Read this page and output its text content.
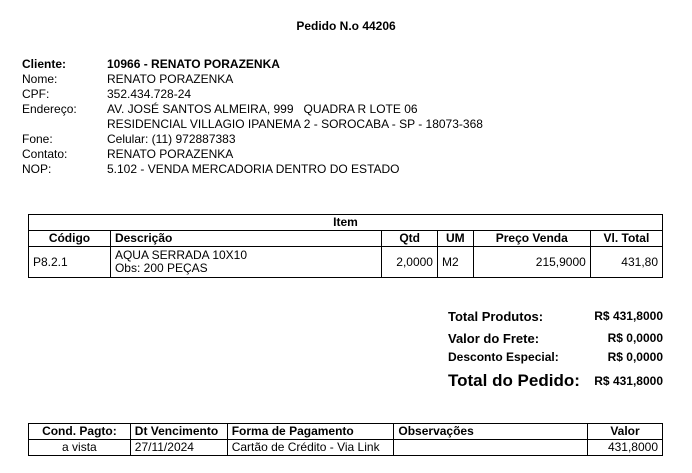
Pedido N.o 44206
Cliente:	10966 - RENATO PORAZENKA
Nome:	RENATO PORAZENKA
CPF:	352.434.728-24
Endereço:	AV. JOSÉ SANTOS ALMEIRA, 999   QUADRA R LOTE 06
RESIDENCIAL VILLAGIO IPANEMA 2 - SOROCABA - SP - 18073-368
Fone:	Celular: (11) 972887383
Contato:	RENATO PORAZENKA
NOP:	5.102 - VENDA MERCADORIA DENTRO DO ESTADO
Item					
Código	Descrição	Qtd	UM	Preço Venda	Vl. Total
P8.2.1	AQUA SERRADA 10X10
Obs: 200 PEÇAS	2,0000	M2	215,9000	431,80
Total Produtos:	R$ 431,8000
Valor do Frete:	R$ 0,0000
Desconto Especial:	R$ 0,0000
Total do Pedido: R$ 431,8000
Cond. Pagto:	Dt Vencimento	Forma de Pagamento	Observações	Valor
a vista	27/11/2024	Cartão de Crédito - Via Link		431,8000
